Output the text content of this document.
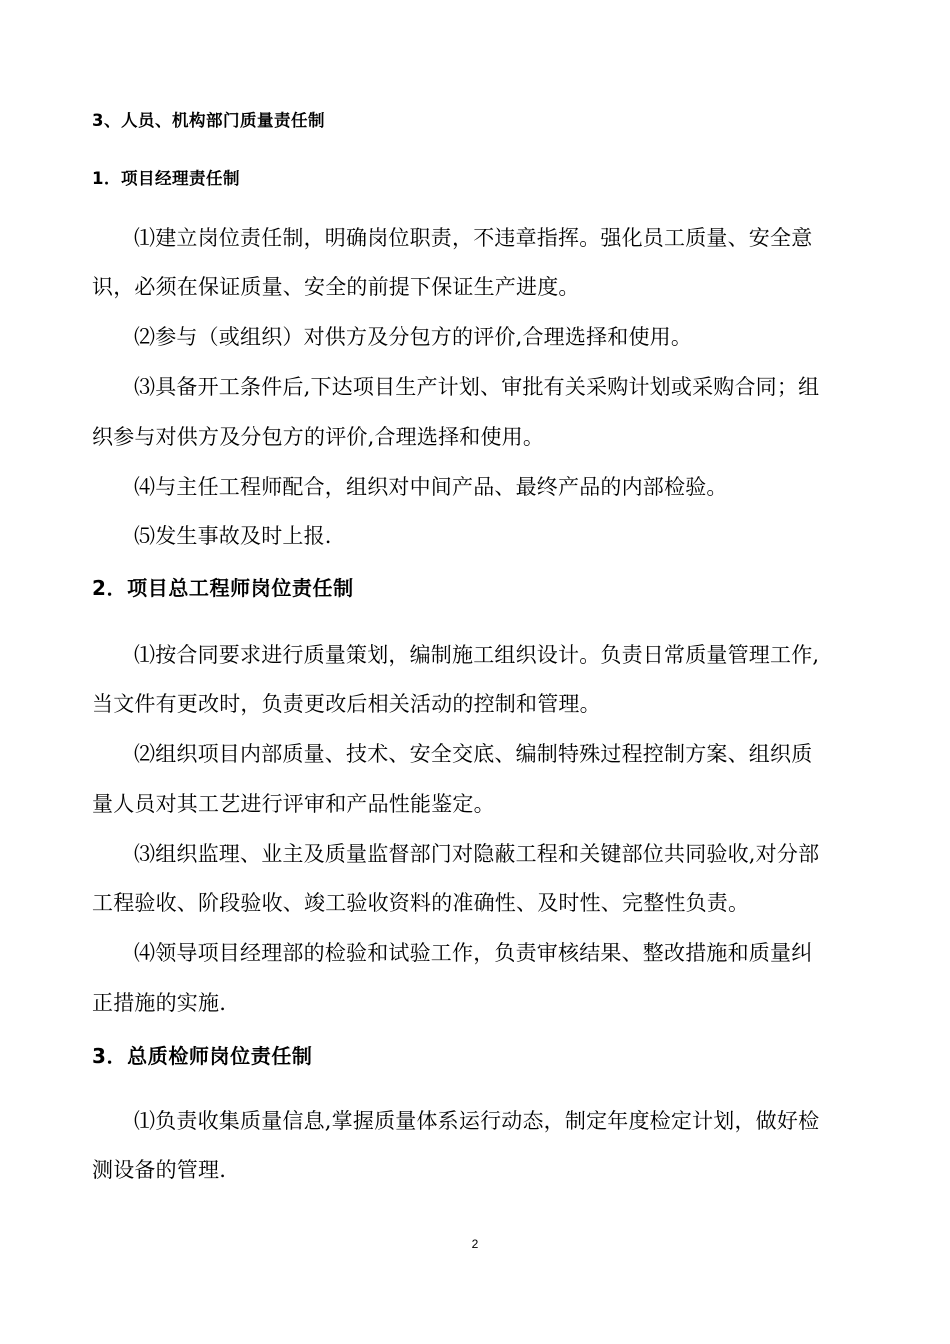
3、人员、机构部门质量责任制
1．项目经理责任制
⑴建立岗位责任制，明确岗位职责，不违章指挥。强化员工质量、安全意
识，必须在保证质量、安全的前提下保证生产进度。
⑵参与（或组织）对供方及分包方的评价,合理选择和使用。
⑶具备开工条件后,下达项目生产计划、审批有关采购计划或采购合同；组
织参与对供方及分包方的评价,合理选择和使用。
⑷与主任工程师配合，组织对中间产品、最终产品的内部检验。
⑸发生事故及时上报.
2．项目总工程师岗位责任制
⑴按合同要求进行质量策划，编制施工组织设计。负责日常质量管理工作,
当文件有更改时，负责更改后相关活动的控制和管理。
⑵组织项目内部质量、技术、安全交底、编制特殊过程控制方案、组织质
量人员对其工艺进行评审和产品性能鉴定。
⑶组织监理、业主及质量监督部门对隐蔽工程和关键部位共同验收,对分部
工程验收、阶段验收、竣工验收资料的准确性、及时性、完整性负责。
⑷领导项目经理部的检验和试验工作，负责审核结果、整改措施和质量纠
正措施的实施.
3．总质检师岗位责任制
⑴负责收集质量信息,掌握质量体系运行动态，制定年度检定计划，做好检
测设备的管理.
2
